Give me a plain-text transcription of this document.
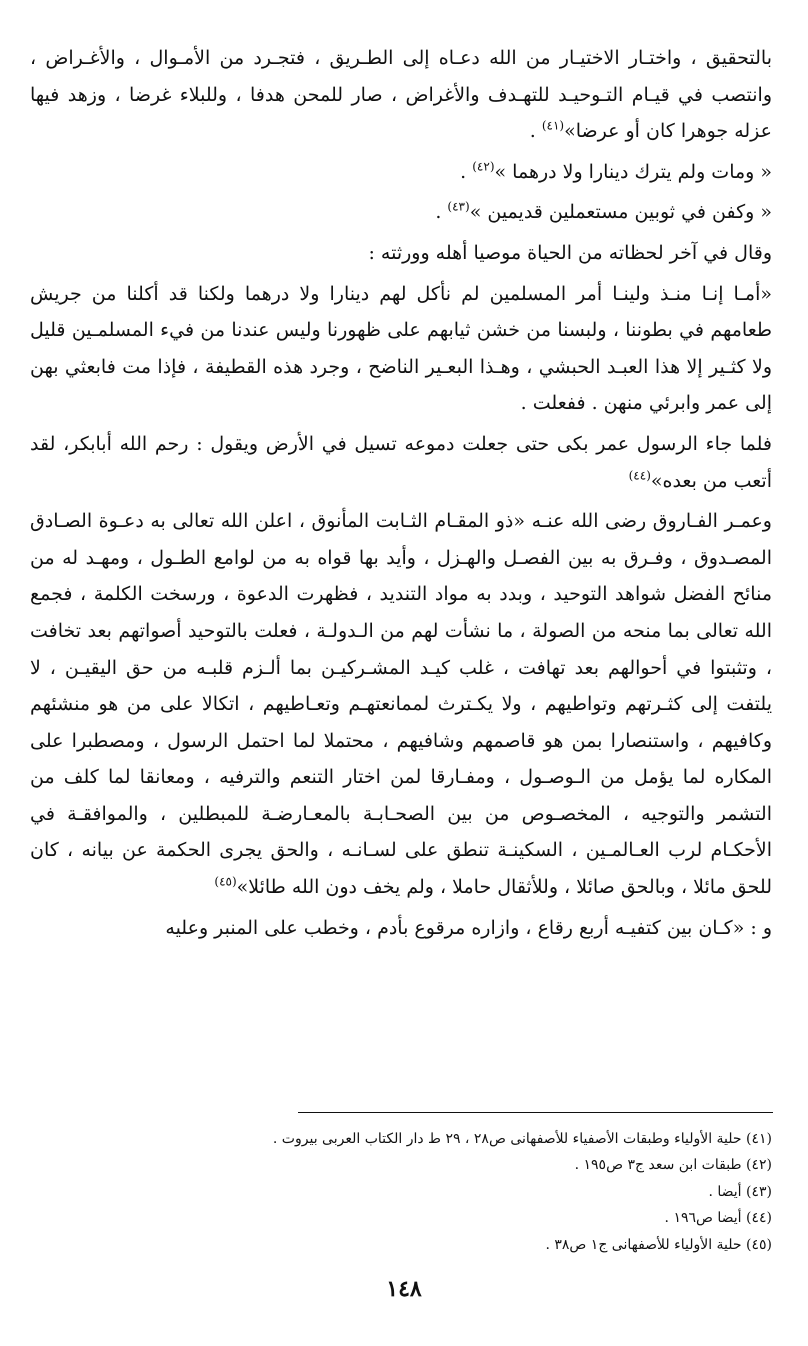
بالتحقيق ، واختـار الاختيـار من الله دعـاه إلى الطـريق ، فتجـرد من الأمـوال ، والأغـراض ، وانتصب في قيـام التـوحيـد للتهـدف والأغراض ، صار للمحن هدفا ، وللبلاء غرضا ، وزهد فيها عزله جوهرا كان أو عرضا»$^{(٤١)}$ .

« ومات ولم يترك دينارا ولا درهما »$^{(٤٢)}$ .

« وكفن في ثوبين مستعملين قديمين »$^{(٤٣)}$ .

وقال في آخر لحظاته من الحياة موصيا أهله وورثته :

«أمـا إنـا منـذ ولينـا أمر المسلمين لم نأكل لهم دينارا ولا درهما ولكنا قد أكلنا من جريش طعامهم في بطوننا ، ولبسنا من خشن ثيابهم على ظهورنا وليس عندنا من فيء المسلمـين قليل ولا كثـير إلا هذا العبـد الحبشي ، وهـذا البعـير الناضح ، وجرد هذه القطيفة ، فإذا مت فابعثي بهن إلى عمر وابرئي منهن . ففعلت .

فلما جاء الرسول عمر بكى حتى جعلت دموعه تسيل في الأرض ويقول : رحم الله أبابكر، لقد أتعب من بعده»$^{(٤٤)}$

وعمـر الفـاروق رضى الله عنـه «ذو المقـام الثـابت المأنوق ، اعلن الله تعالى به دعـوة الصـادق المصـدوق ، وفـرق به بين الفصـل والهـزل ، وأيد بها قواه به من لوامع الطـول ، ومهـد له من منائح الفضل شواهد التوحيد ، وبدد به مواد التنديد ، فظهرت الدعوة ، ورسخت الكلمة ، فجمع الله تعالى بما منحه من الصولة ، ما نشأت لهم من الـدولـة ، فعلت بالتوحيد أصواتهم بعد تخافت ، وتثبتوا في أحوالهم بعد تهافت ، غلب كيـد المشـركيـن بما ألـزم قلبـه من حق اليقيـن ، لا يلتفت إلى كثـرتهم وتواطيهم ، ولا يكـترث لممانعتهـم وتعـاطيهم ، اتكالا على من هو منشئهم وكافيهم ، واستنصارا بمن هو قاصمهم وشافيهم ، محتملا لما احتمل الرسول ، ومصطبرا على المكاره لما يؤمل من الـوصـول ، ومفـارقا لمن اختار التنعم والترفيه ، ومعانقا لما كلف من التشمر والتوجيه ، المخصـوص من بين الصحـابـة بالمعـارضـة للمبطلين ، والموافقـة في الأحكـام لرب العـالمـين ، السكينـة تنطق على لسـانـه ، والحق يجرى الحكمة عن بيانه ، كان للحق مائلا ، وبالحق صائلا ، وللأثقال حاملا ، ولم يخف دون الله طائلا»$^{(٤٥)}$

و : «كـان بين كتفيـه أربع رقاع ، وازاره مرقوع بأدم ، وخطب على المنبر وعليه

(٤١) حلية الأولياء وطبقات الأصفياء للأصفهانى ص٢٨ ، ٢٩ ط دار الكتاب العربى بيروت .

(٤٢) طبقات ابن سعد ج٣ ص١٩٥ .

(٤٣) أيضا .

(٤٤) أيضا ص١٩٦ .

(٤٥) حلية الأولياء للأصفهانى ج١ ص٣٨ .

١٤٨
